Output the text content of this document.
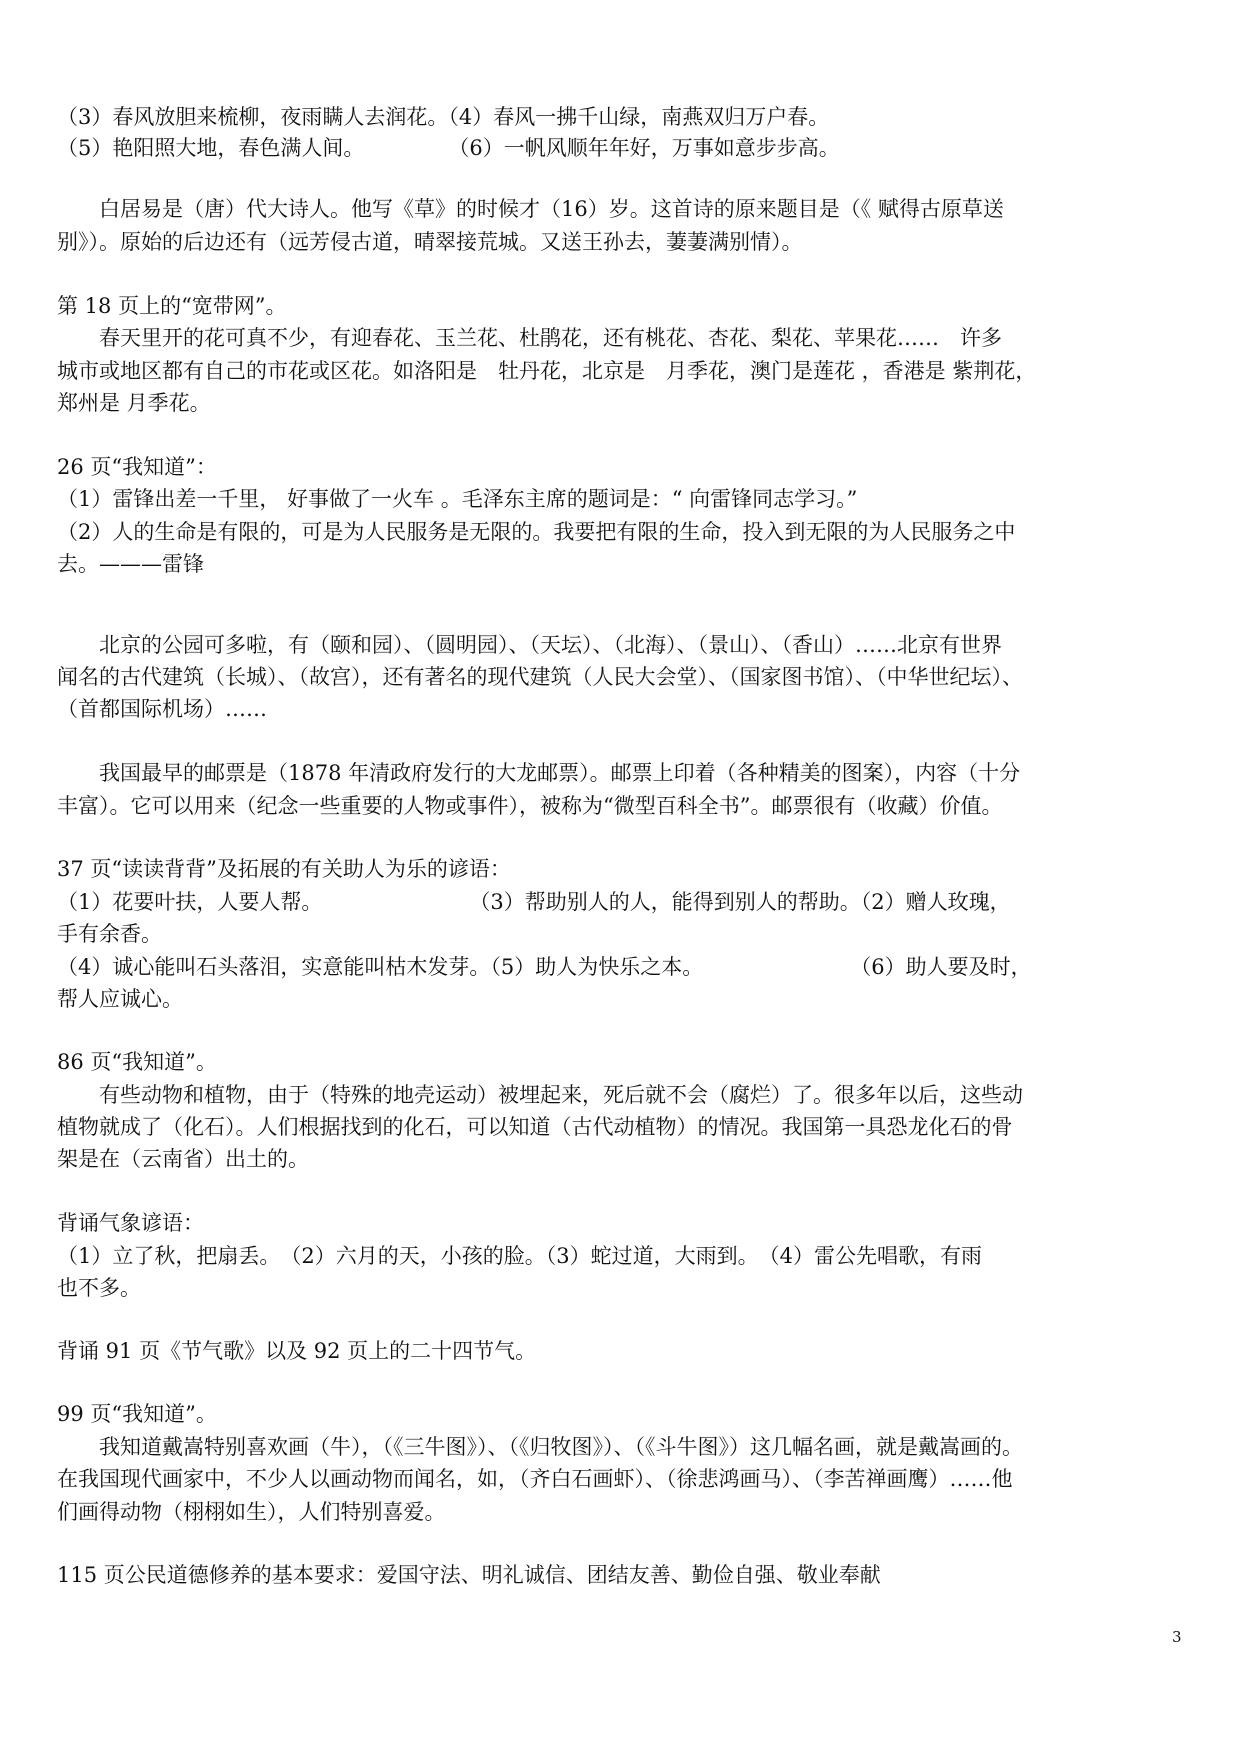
（3）春风放胆来梳柳，夜雨瞒人去润花。（4）春风一拂千山绿，南燕双归万户春。
（5）艳阳照大地，春色满人间。　　　　　（6）一帆风顺年年好，万事如意步步高。
　　白居易是（唐）代大诗人。他写《草》的时候才（16）岁。这首诗的原来题目是（《 赋得古原草送
别》）。原始的后边还有（远芳侵古道，晴翠接荒城。又送王孙去，萋萋满别情）。
第 18 页上的“宽带网”。
　　春天里开的花可真不少，有迎春花、玉兰花、杜鹃花，还有桃花、杏花、梨花、苹果花……　许多
城市或地区都有自己的市花或区花。如洛阳是　牡丹花，北京是　月季花，澳门是莲花 ，香港是 紫荆花，
郑州是 月季花。
26 页“我知道”：
（1）雷锋出差一千里， 好事做了一火车 。毛泽东主席的题词是：“ 向雷锋同志学习。”
（2）人的生命是有限的，可是为人民服务是无限的。我要把有限的生命，投入到无限的为人民服务之中
去。———雷锋
　　北京的公园可多啦，有（颐和园）、（圆明园）、（天坛）、（北海）、（景山）、（香山）……北京有世界
闻名的古代建筑（长城）、（故宫），还有著名的现代建筑（人民大会堂）、（国家图书馆）、（中华世纪坛）、
（首都国际机场）……
　　我国最早的邮票是（1878 年清政府发行的大龙邮票）。邮票上印着（各种精美的图案），内容（十分
丰富）。它可以用来（纪念一些重要的人物或事件），被称为“微型百科全书”。邮票很有（收藏）价值。
37 页“读读背背”及拓展的有关助人为乐的谚语：
（1）花要叶扶，人要人帮。　　　　　　　　（3）帮助别人的人，能得到别人的帮助。（2）赠人玫瑰，
手有余香。
（4）诚心能叫石头落泪，实意能叫枯木发芽。（5）助人为快乐之本。　　　　　　　　（6）助人要及时，
帮人应诚心。
86 页“我知道”。
　　有些动物和植物，由于（特殊的地壳运动）被埋起来，死后就不会（腐烂）了。很多年以后，这些动
植物就成了（化石）。人们根据找到的化石，可以知道（古代动植物）的情况。我国第一具恐龙化石的骨
架是在（云南省）出土的。
背诵气象谚语：
（1）立了秋，把扇丢。　（2）六月的天，小孩的脸。（3）蛇过道，大雨到。　（4）雷公先唱歌，有雨
也不多。
背诵 91 页《节气歌》以及 92 页上的二十四节气。
99 页“我知道”。
　　我知道戴嵩特别喜欢画（牛），（《三牛图》）、（《归牧图》）、（《斗牛图》）这几幅名画，就是戴嵩画的。
在我国现代画家中，不少人以画动物而闻名，如，（齐白石画虾）、（徐悲鸿画马）、（李苦禅画鹰）……他
们画得动物（栩栩如生），人们特别喜爱。
115 页公民道德修养的基本要求：爱国守法、明礼诚信、团结友善、勤俭自强、敬业奉献
3
